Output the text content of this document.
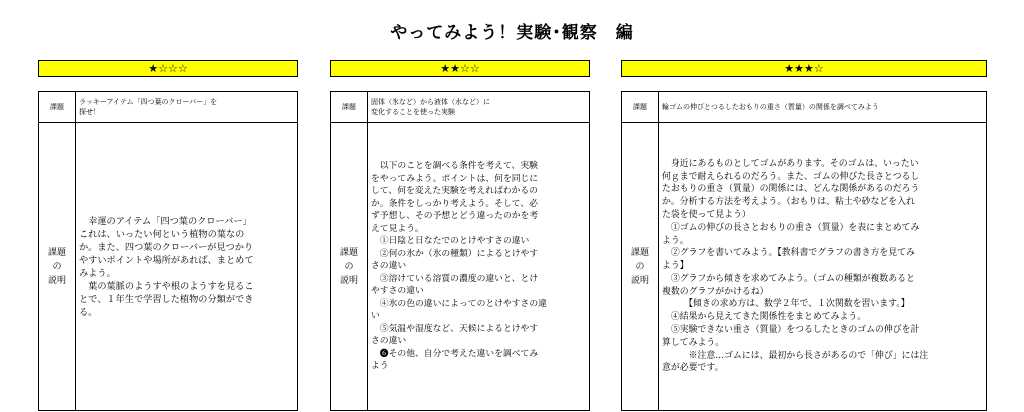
やってみよう！実験･観察　編
★☆☆☆
課題
ラッキーアイテム「四つ葉のクローバー」を
探せ！
課題
の
説明
　幸運のアイテム「四つ葉のクローバー」
これは、いったい何という植物の葉なの
か。また、四つ葉のクローバーが見つかり
やすいポイントや場所があれば、まとめて
みよう。
　葉の葉脈のようすや根のようすを見るこ
とで、１年生で学習した植物の分類ができ
る。
★★☆☆
課題
固体（氷など）から液体（水など）に
変化することを使った実験
課題
の
説明
　以下のことを調べる条件を考えて、実験
をやってみよう。ポイントは、何を同じに
して、何を変えた実験を考えればわかるの
か。条件をしっかり考えよう。そして、必
ず予想し、その予想とどう違ったのかを考
えて見よう。
　①日陰と日なたでのとけやすさの違い
　②何の氷か（氷の種類）によるとけやす
さの違い
　③溶けている溶質の濃度の違いと、とけ
やすさの違い
　④氷の色の違いによってのとけやすさの違
い
　⑤気温や湿度など、天候によるとけやす
さの違い
　❻その他、自分で考えた違いを調べてみ
よう
★★★☆
課題	輪ゴムの伸びとつるしたおもりの重さ（質量）の関係を調べてみよう
課題
の
説明
　身近にあるものとしてゴムがあります。そのゴムは、いったい
何ｇまで耐えられるのだろう。また、ゴムの伸びた長さとつるし
たおもりの重さ（質量）の関係には、どんな関係があるのだろう
か。分析する方法を考えよう。（おもりは、粘土や砂などを入れ
た袋を使って見よう）
　①ゴムの伸びの長さとおもりの重さ（質量）を表にまとめてみ
よう。
　②グラフを書いてみよう。【教科書でグラフの書き方を見てみ
よう】
　③グラフから傾きを求めてみよう。（ゴムの種類が複数あると
複数のグラフがかけるね）
　　　【傾きの求め方は、数学２年で、１次関数を習います。】
　④結果から見えてきた関係性をまとめてみよう。
　⑤実験できない重さ（質量）をつるしたときのゴムの伸びを計
算してみよう。
　　　※注意…ゴムには、最初から長さがあるので「伸び」には注
意が必要です。
